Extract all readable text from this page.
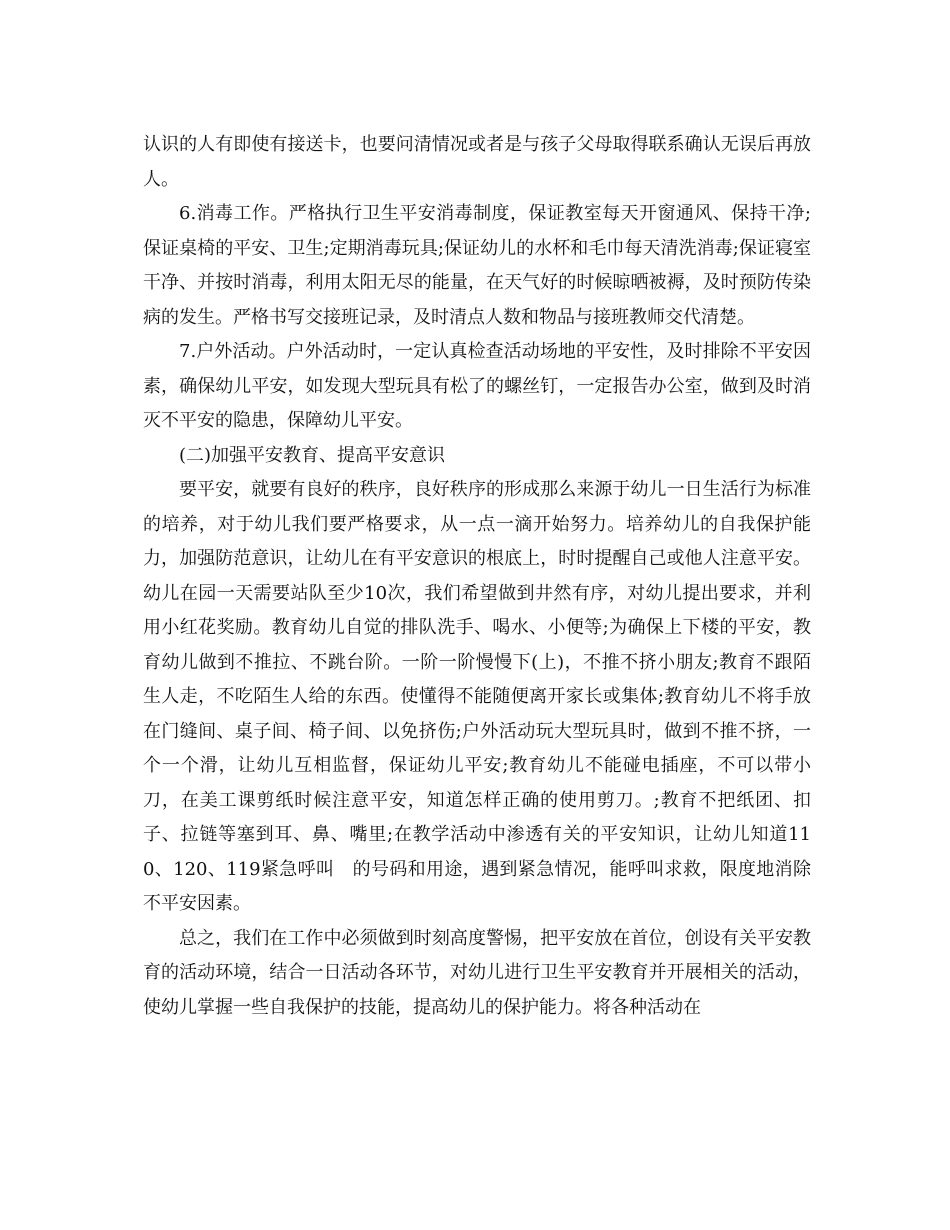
认识的人有即使有接送卡，也要问清情况或者是与孩子父母取得联系确认无误后再放人。

6.消毒工作。严格执行卫生平安消毒制度，保证教室每天开窗通风、保持干净;保证桌椅的平安、卫生;定期消毒玩具;保证幼儿的水杯和毛巾每天清洗消毒;保证寝室干净、并按时消毒，利用太阳无尽的能量，在天气好的时候晾晒被褥，及时预防传染病的发生。严格书写交接班记录，及时清点人数和物品与接班教师交代清楚。

7.户外活动。户外活动时，一定认真检查活动场地的平安性，及时排除不平安因素，确保幼儿平安，如发现大型玩具有松了的螺丝钉，一定报告办公室，做到及时消灭不平安的隐患，保障幼儿平安。

(二)加强平安教育、提高平安意识

要平安，就要有良好的秩序，良好秩序的形成那么来源于幼儿一日生活行为标准的培养，对于幼儿我们要严格要求，从一点一滴开始努力。培养幼儿的自我保护能力，加强防范意识，让幼儿在有平安意识的根底上，时时提醒自己或他人注意平安。幼儿在园一天需要站队至少10次，我们希望做到井然有序，对幼儿提出要求，并利用小红花奖励。教育幼儿自觉的排队洗手、喝水、小便等;为确保上下楼的平安，教育幼儿做到不推拉、不跳台阶。一阶一阶慢慢下(上)，不推不挤小朋友;教育不跟陌生人走，不吃陌生人给的东西。使懂得不能随便离开家长或集体;教育幼儿不将手放在门缝间、桌子间、椅子间、以免挤伤;户外活动玩大型玩具时，做到不推不挤，一个一个滑，让幼儿互相监督，保证幼儿平安;教育幼儿不能碰电插座，不可以带小刀，在美工课剪纸时候注意平安，知道怎样正确的使用剪刀。;教育不把纸团、扣子、拉链等塞到耳、鼻、嘴里;在教学活动中渗透有关的平安知识，让幼儿知道110、120、119紧急呼叫　的号码和用途，遇到紧急情况，能呼叫求救，限度地消除不平安因素。

总之，我们在工作中必须做到时刻高度警惕，把平安放在首位，创设有关平安教育的活动环境，结合一日活动各环节，对幼儿进行卫生平安教育并开展相关的活动，使幼儿掌握一些自我保护的技能，提高幼儿的保护能力。将各种活动在
